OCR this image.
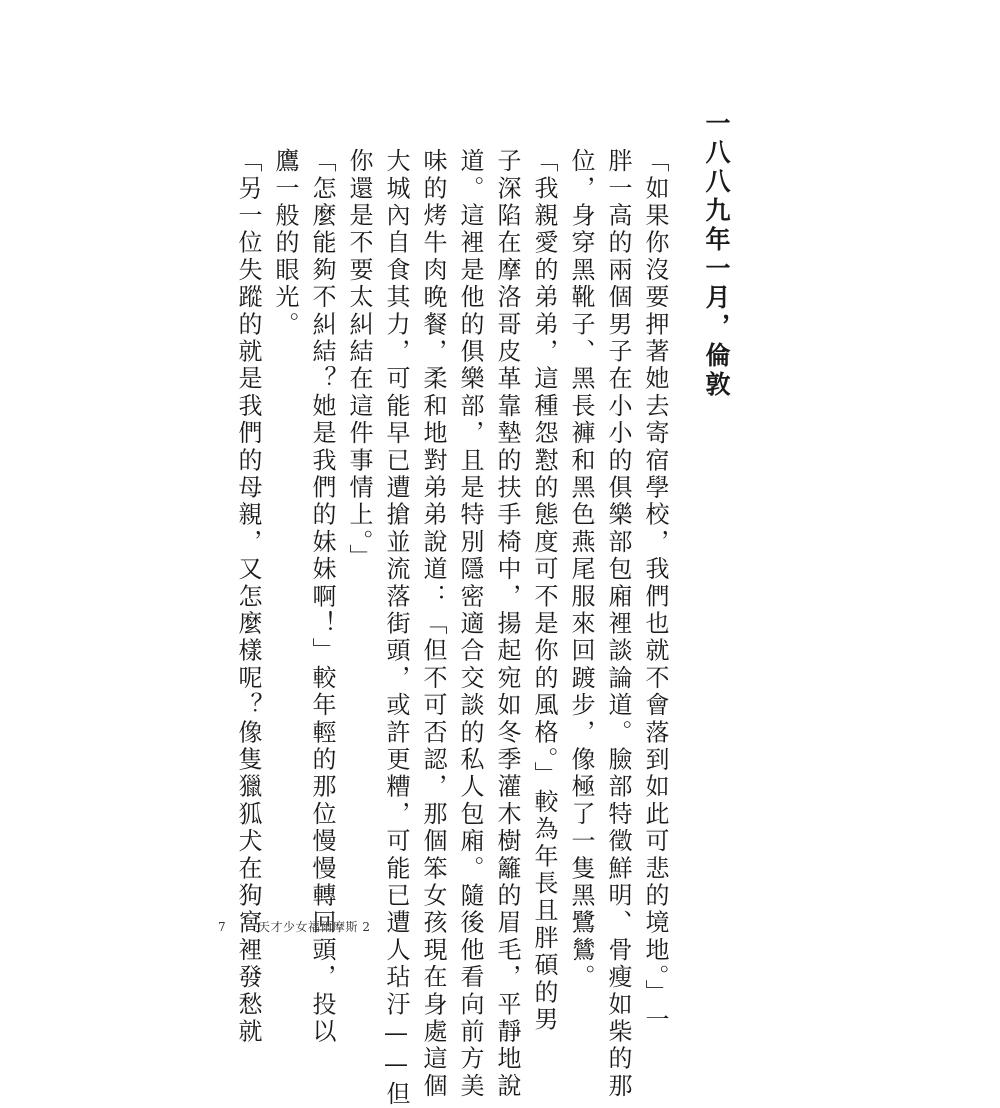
一八八九年一月，倫敦
「如果你沒要押著她去寄宿學校，我們也就不會落到如此可悲的境地。」一
胖一高的兩個男子在小小的俱樂部包廂裡談論道。臉部特徵鮮明、骨瘦如柴的那
位，身穿黑靴子、黑長褲和黑色燕尾服來回踱步，像極了一隻黑鷺鷥。
「我親愛的弟弟，這種怨懟的態度可不是你的風格。」較為年長且胖碩的男
子深陷在摩洛哥皮革靠墊的扶手椅中，揚起宛如冬季灌木樹籬的眉毛，平靜地說
道。這裡是他的俱樂部，且是特別隱密適合交談的私人包廂。隨後他看向前方美
味的烤牛肉晚餐，柔和地對弟弟說道：「但不可否認，那個笨女孩現在身處這個
大城內自食其力，可能早已遭搶並流落街頭，或許更糟，可能已遭人玷汙——但
你還是不要太糾結在這件事情上。」
「怎麼能夠不糾結？她是我們的妹妹啊！」較年輕的那位慢慢轉回頭，投以
鷹一般的眼光。
「另一位失蹤的就是我們的母親，又怎麼樣呢？像隻獵狐犬在狗窩裡發愁就
7	天才少女福爾摩斯 2
